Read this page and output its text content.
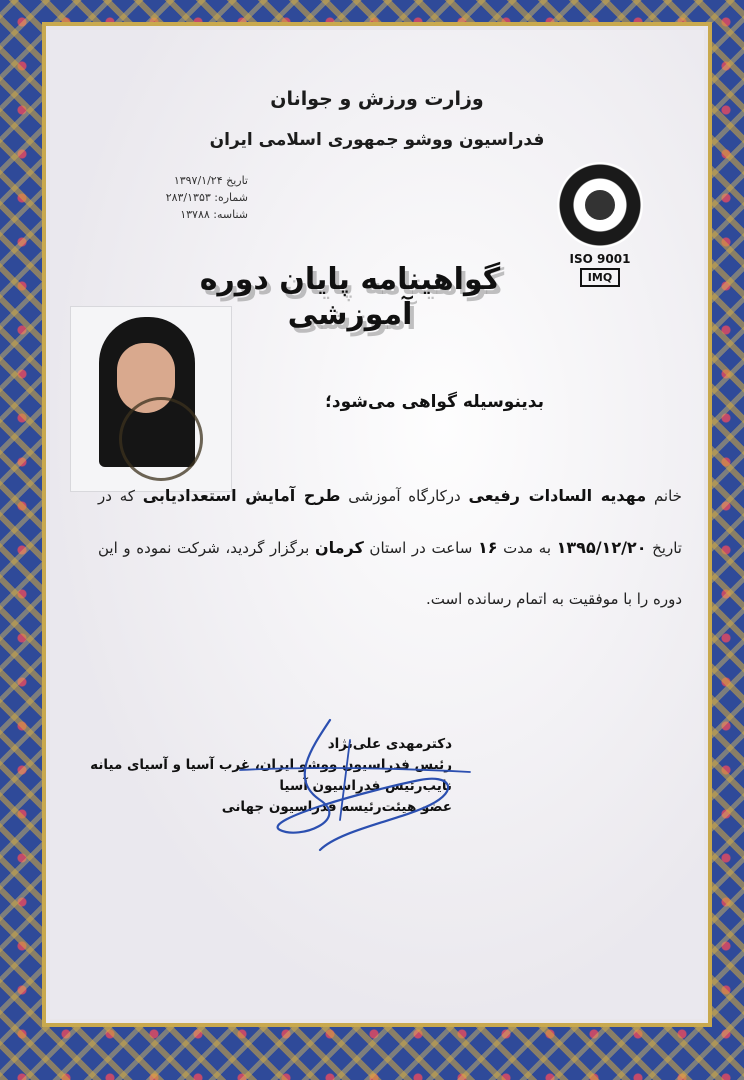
وزارت ورزش و جوانان
فدراسیون ووشو جمهوری اسلامی ایران
تاریخ ۱۳۹۷/۱/۲۴
شماره: ۲۸۳/۱۳۵۳
شناسه: ۱۳۷۸۸
ISO 9001
IMQ
گواهینامه پایان دوره آموزشی
بدینوسیله گواهی می‌شود؛
خانم مهدیه السادات رفیعی درکارگاه آموزشی طرح آمایش استعدادیابی که در تاریخ ۱۳۹۵/۱۲/۲۰ به مدت ۱۶ ساعت در استان کرمان برگزار گردید، شرکت نموده و این دوره را با موفقیت به اتمام رسانده است.
دکترمهدی علی‌نژاد
رئیس فدراسیون ووشو ایران، غرب آسیا و آسیای میانه
نایب‌رئیس فدراسیون آسیا
عضو هیئت‌رئیسه فدراسیون جهانی
